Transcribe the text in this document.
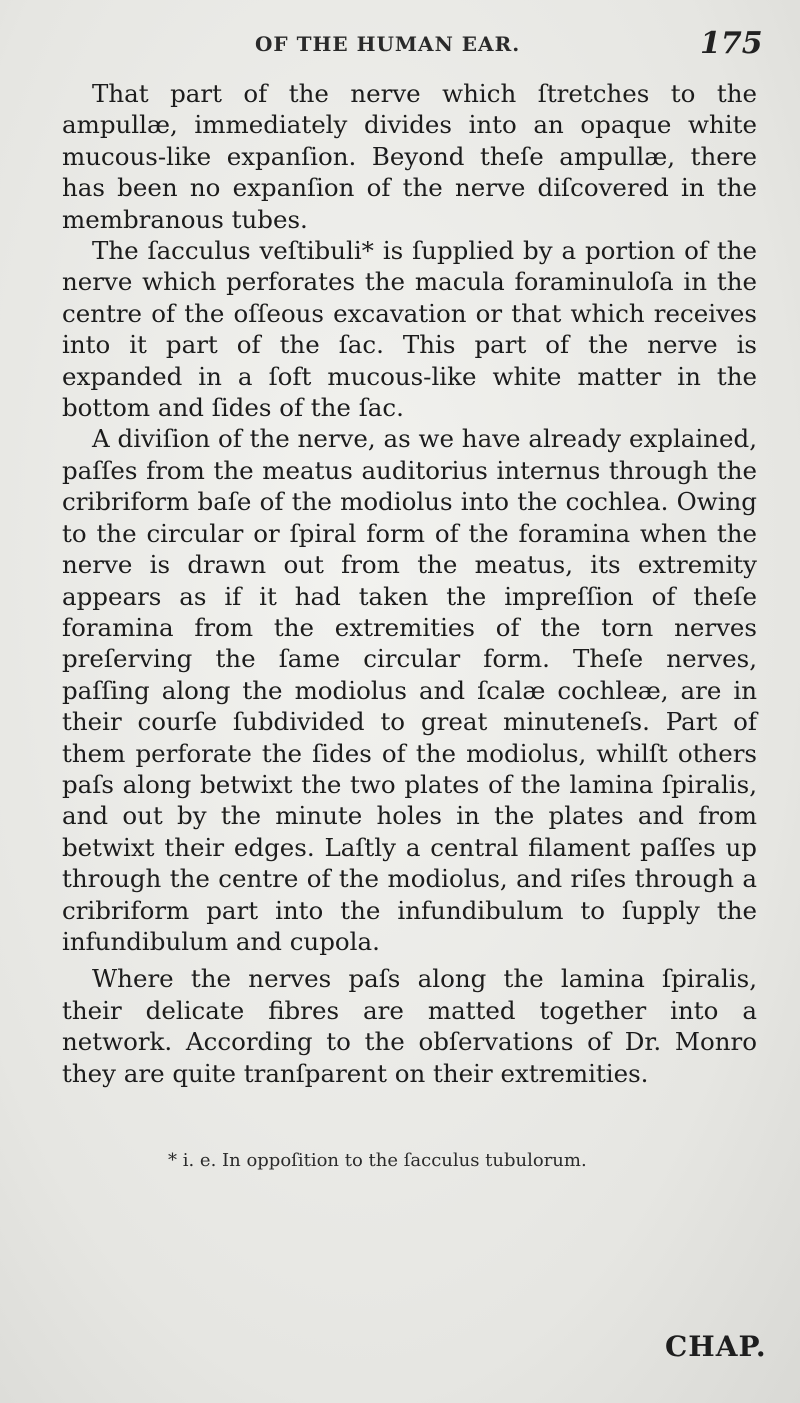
OF THE HUMAN EAR.	175

That part of the nerve which ſtretches to the ampullæ, immediately divides into an opaque white mucous-like expanſion. Beyond theſe ampullæ, there has been no expanſion of the nerve diſcovered in the membranous tubes.

The ſacculus veſtibuli* is ſupplied by a portion of the nerve which perforates the macula foraminuloſa in the centre of the oſſeous excavation or that which receives into it part of the ſac. This part of the nerve is expanded in a ſoft mucous-like white matter in the bottom and ſides of the ſac.

A diviſion of the nerve, as we have already explained, paſſes from the meatus auditorius internus through the cribriform baſe of the modiolus into the cochlea. Owing to the circular or ſpiral form of the foramina when the nerve is drawn out from the meatus, its extremity appears as if it had taken the impreſſion of theſe foramina from the extremities of the torn nerves preſerving the ſame circular form. Theſe nerves, paſſing along the modiolus and ſcalæ cochleæ, are in their courſe ſubdivided to great minuteneſs. Part of them perforate the ſides of the modiolus, whilſt others paſs along betwixt the two plates of the lamina ſpiralis, and out by the minute holes in the plates and from betwixt their edges. Laſtly a central filament paſſes up through the centre of the modiolus, and riſes through a cribriform part into the infundibulum to ſupply the infundibulum and cupola.

Where the nerves paſs along the lamina ſpiralis, their delicate fibres are matted together into a network. According to the obſervations of Dr. Monro they are quite tranſparent on their extremities.

* i. e. In oppoſition to the ſacculus tubulorum.
CHAP.
